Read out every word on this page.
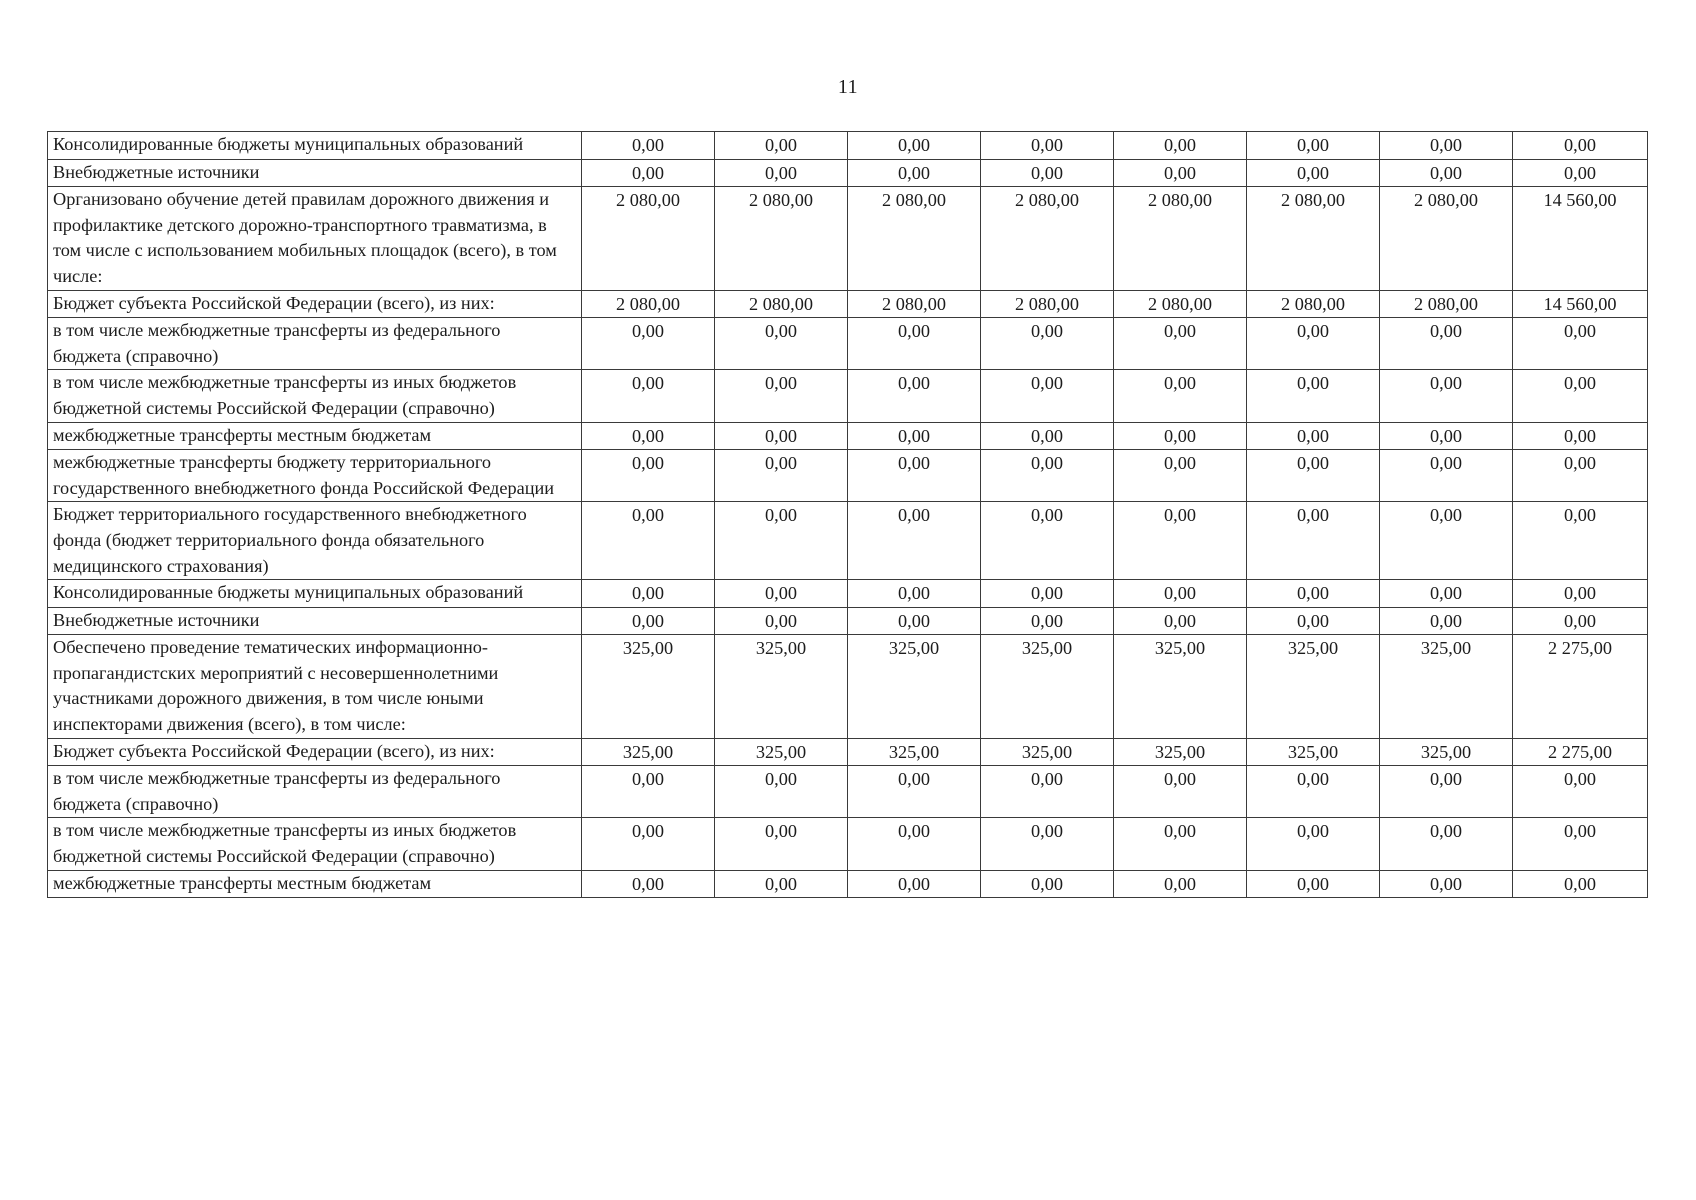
11
Консолидированные бюджеты муниципальных образований	0,00	0,00	0,00	0,00	0,00	0,00	0,00	0,00
Внебюджетные источники	0,00	0,00	0,00	0,00	0,00	0,00	0,00	0,00
Организовано обучение детей правилам дорожного движения и профилактике детского дорожно-транспортного травматизма, в том числе с использованием мобильных площадок (всего), в том числе:	2 080,00	2 080,00	2 080,00	2 080,00	2 080,00	2 080,00	2 080,00	14 560,00
Бюджет субъекта Российской Федерации (всего), из них:	2 080,00	2 080,00	2 080,00	2 080,00	2 080,00	2 080,00	2 080,00	14 560,00
в том числе межбюджетные трансферты из федерального бюджета (справочно)	0,00	0,00	0,00	0,00	0,00	0,00	0,00	0,00
в том числе межбюджетные трансферты из иных бюджетов бюджетной системы Российской Федерации (справочно)	0,00	0,00	0,00	0,00	0,00	0,00	0,00	0,00
межбюджетные трансферты местным бюджетам	0,00	0,00	0,00	0,00	0,00	0,00	0,00	0,00
межбюджетные трансферты бюджету территориального государственного внебюджетного фонда Российской Федерации	0,00	0,00	0,00	0,00	0,00	0,00	0,00	0,00
Бюджет территориального государственного внебюджетного фонда (бюджет территориального фонда обязательного медицинского страхования)	0,00	0,00	0,00	0,00	0,00	0,00	0,00	0,00
Консолидированные бюджеты муниципальных образований	0,00	0,00	0,00	0,00	0,00	0,00	0,00	0,00
Внебюджетные источники	0,00	0,00	0,00	0,00	0,00	0,00	0,00	0,00
Обеспечено проведение тематических информационно-пропагандистских мероприятий с несовершеннолетними участниками дорожного движения, в том числе юными инспекторами движения (всего), в том числе:	325,00	325,00	325,00	325,00	325,00	325,00	325,00	2 275,00
Бюджет субъекта Российской Федерации (всего), из них:	325,00	325,00	325,00	325,00	325,00	325,00	325,00	2 275,00
в том числе межбюджетные трансферты из федерального бюджета (справочно)	0,00	0,00	0,00	0,00	0,00	0,00	0,00	0,00
в том числе межбюджетные трансферты из иных бюджетов бюджетной системы Российской Федерации (справочно)	0,00	0,00	0,00	0,00	0,00	0,00	0,00	0,00
межбюджетные трансферты местным бюджетам	0,00	0,00	0,00	0,00	0,00	0,00	0,00	0,00
